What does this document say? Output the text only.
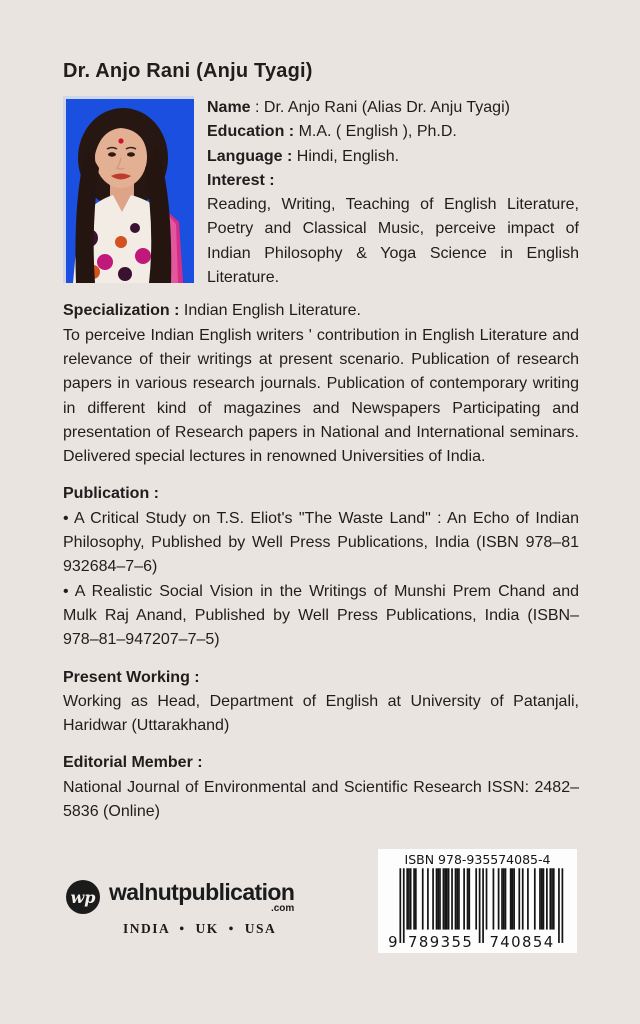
Dr. Anjo Rani (Anju Tyagi)
Name : Dr. Anjo Rani (Alias Dr. Anju Tyagi)
Education : M.A. ( English ), Ph.D.
Language : Hindi, English.
Interest :
Reading, Writing, Teaching of English Literature, Poetry and Classical Music, perceive impact of Indian Philosophy & Yoga Science in English Literature.

Specialization : Indian English Literature.
To perceive Indian English writers ' contribution in English Literature and relevance of their writings at present scenario. Publication of research papers in various research journals. Publication of contemporary writing in different kind of magazines and Newspapers Participating and presentation of Research papers in National and International seminars. Delivered special lectures in renowned Universities of India.

Publication :

• A Critical Study on T.S. Eliot's "The Waste Land" : An Echo of Indian Philosophy, Published by Well Press Publications, India (ISBN 978–81 932684–7–6)

• A Realistic Social Vision in the Writings of Munshi Prem Chand and Mulk Raj Anand, Published by Well Press Publications, India (ISBN–978–81–947207–7–5)

Present Working :

Working as Head, Department of English at University of Patanjali, Haridwar (Uttarakhand)

Editorial Member :

National Journal of Environmental and Scientific Research ISSN: 2482–5836 (Online)

wp walnutpublication
.com
INDIA • UK • USA
ISBN 978-935574085-4
9 789355 740854
